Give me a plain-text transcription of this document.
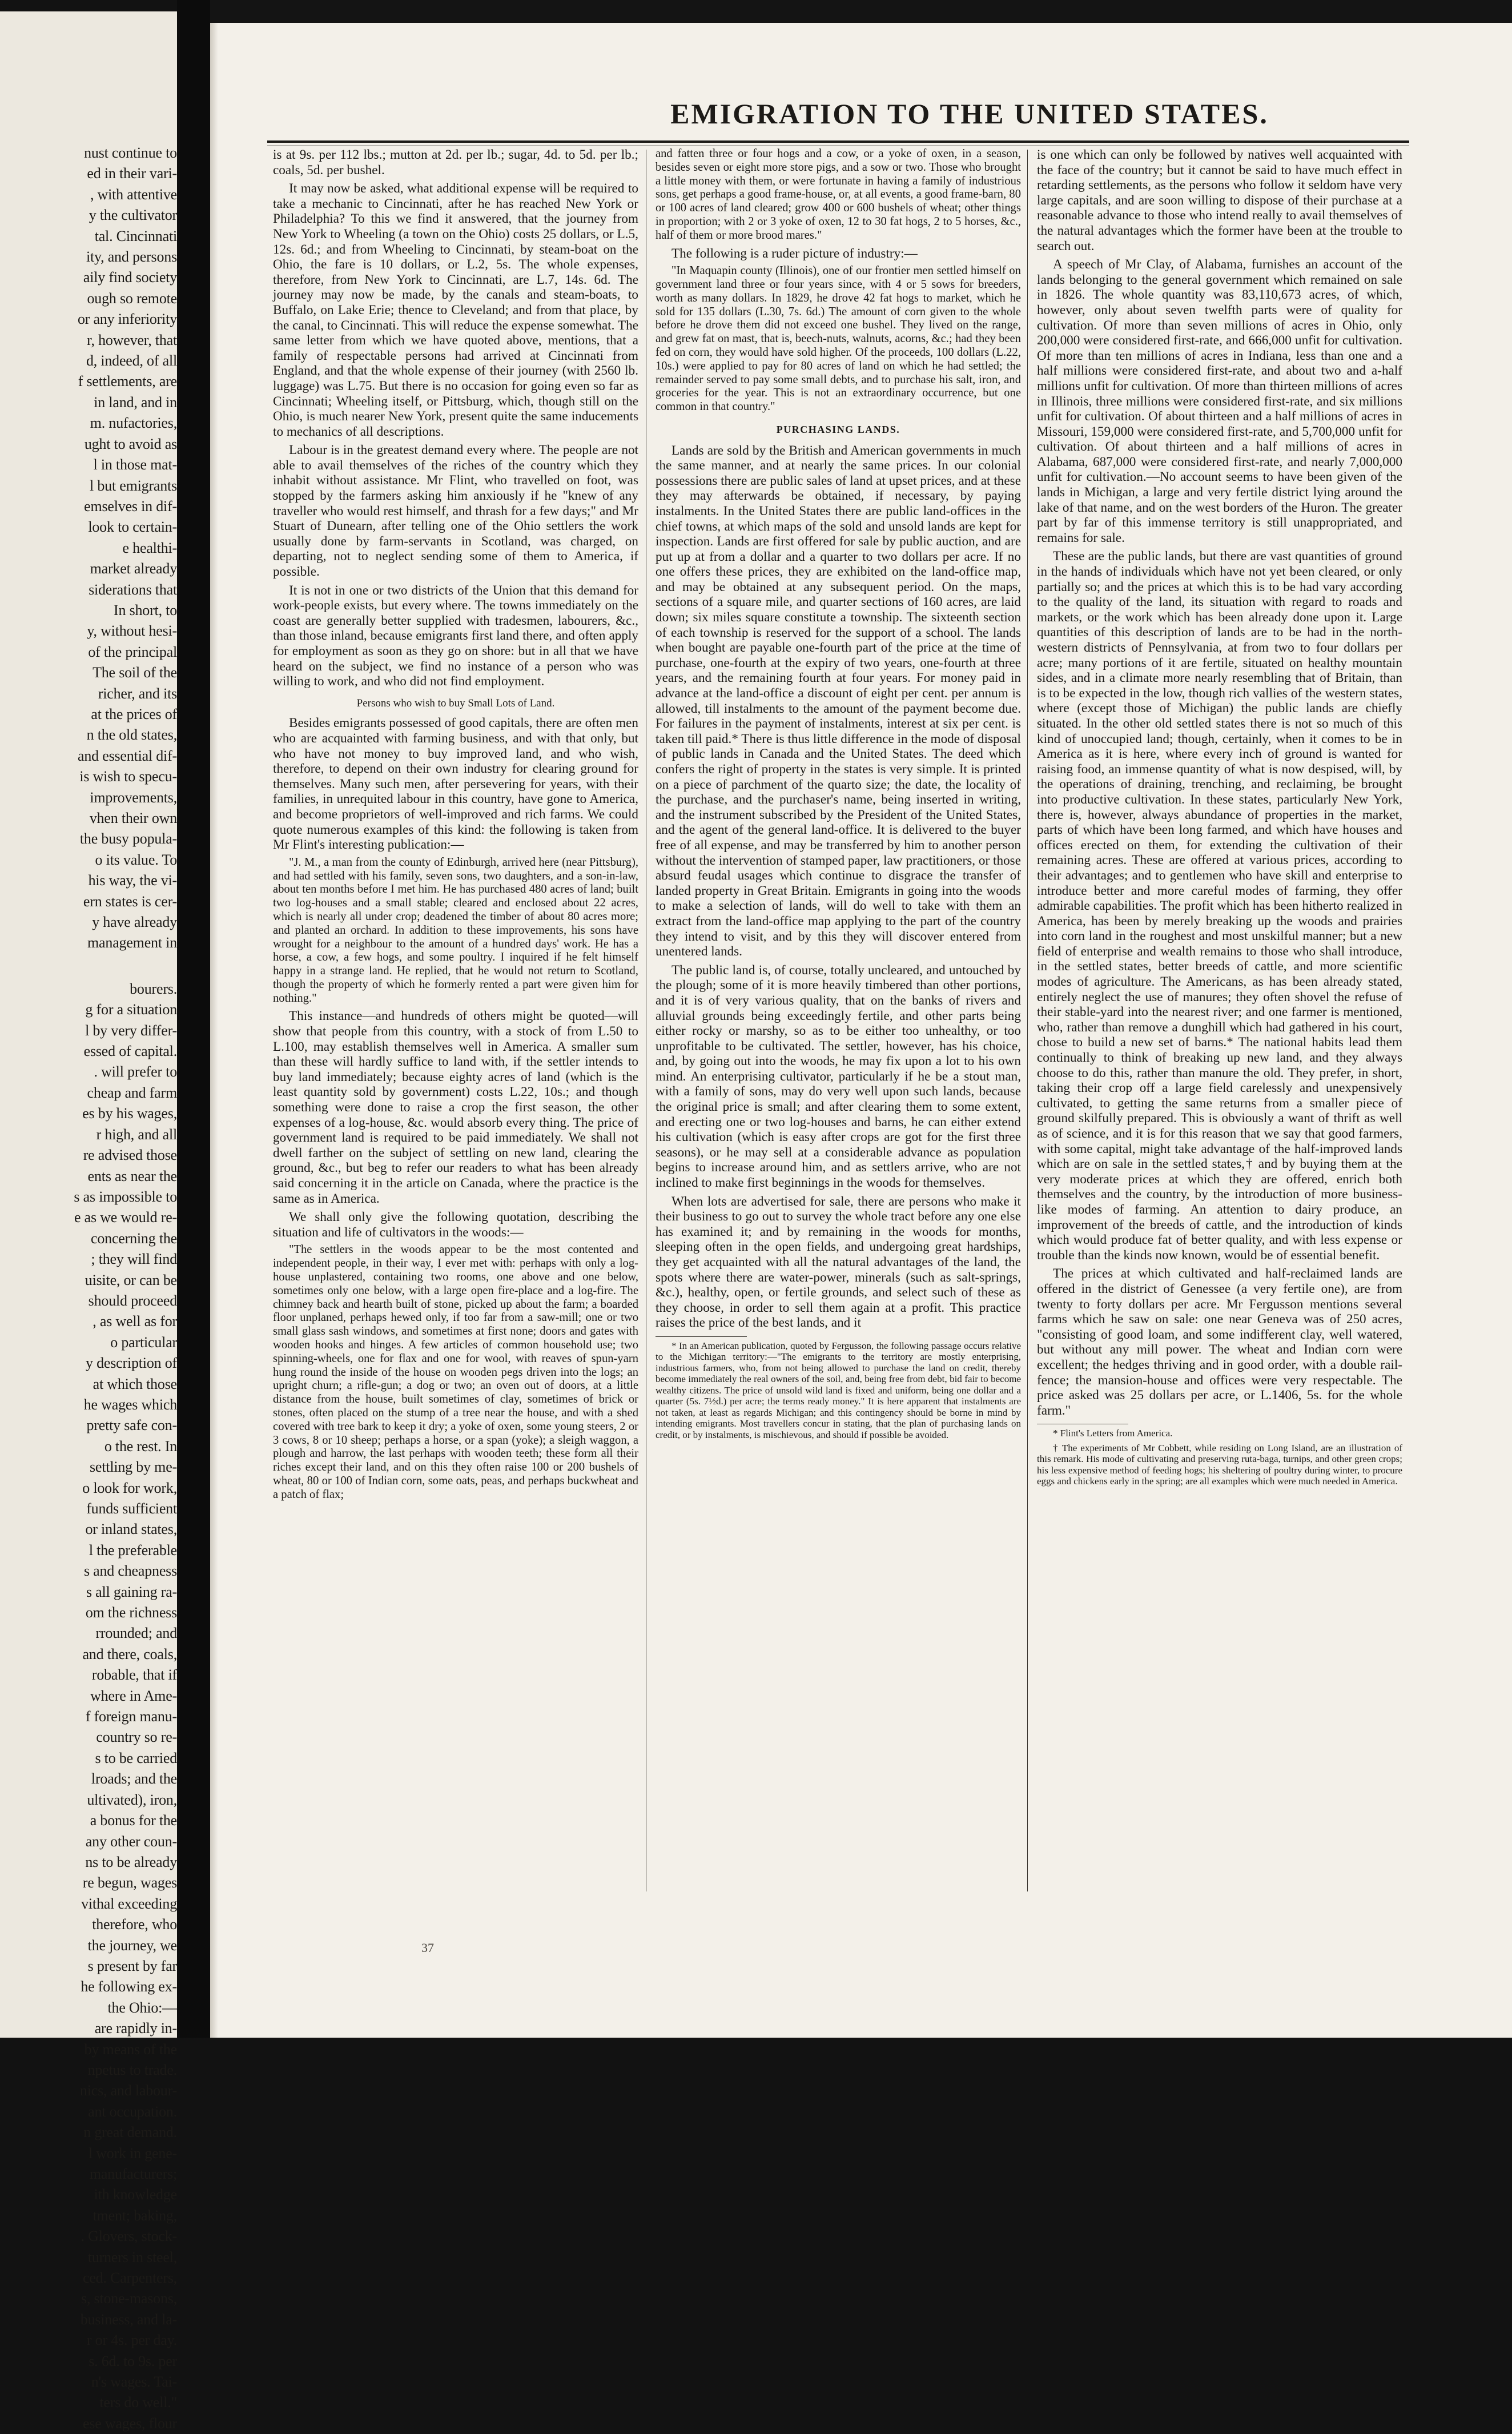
nust continue to

ed in their vari-

, with attentive

y the cultivator

tal. Cincinnati

ity, and persons

aily find society

ough so remote

or any inferiority

r, however, that

d, indeed, of all

f settlements, are

in land, and in

m. nufactories,

ught to avoid as

l in those mat-

l but emigrants

emselves in dif-

look to certain-

e healthi-

market already

siderations that

In short, to

y, without hesi-

of the principal

The soil of the

richer, and its

at the prices of

n the old states,

and essential dif-

is wish to specu-

improvements,

vhen their own

the busy popula-

o its value. To

his way, the vi-

ern states is cer-

y have already

management in

bourers.

g for a situation

l by very differ-

essed of capital.

. will prefer to

cheap and farm

es by his wages,

r high, and all

re advised those

ents as near the

s as impossible to

e as we would re-

concerning the

; they will find

uisite, or can be

should proceed

, as well as for

o particular

y description of

at which those

he wages which

pretty safe con-

o the rest. In

settling by me-

o look for work,

funds sufficient

or inland states,

l the preferable

s and cheapness

s all gaining ra-

om the richness

rrounded; and

and there, coals,

robable, that if

where in Ame-

f foreign manu-

country so re-

s to be carried

lroads; and the

ultivated), iron,

a bonus for the

any other coun-

ns to be already

re begun, wages

vithal exceeding

therefore, who

the journey, we

s present by far

he following ex-

the Ohio:—

are rapidly in-

by means of the

npetus to trade.

nics, and labour-

ant occupation.

n great demand.

l work in gene-

manufacturers;

ith knowledge

tment; baking,

. Glovers, stock-

turners in steel,

ced. Carpenters,

s, stone-masons,

business, and la-

r or 4s. per day.

s. 6d. to 9s. per

n's wages. Tai-

ters do well."

ese wages, flour

EMIGRATION TO THE UNITED STATES.

is at 9s. per 112 lbs.; mutton at 2d. per lb.; sugar, 4d. to 5d. per lb.; coals, 5d. per bushel.

It may now be asked, what additional expense will be required to take a mechanic to Cincinnati, after he has reached New York or Philadelphia? To this we find it answered, that the journey from New York to Wheeling (a town on the Ohio) costs 25 dollars, or L.5, 12s. 6d.; and from Wheeling to Cincinnati, by steam-boat on the Ohio, the fare is 10 dollars, or L.2, 5s. The whole expenses, therefore, from New York to Cincinnati, are L.7, 14s. 6d. The journey may now be made, by the canals and steam-boats, to Buffalo, on Lake Erie; thence to Cleveland; and from that place, by the canal, to Cincinnati. This will reduce the expense somewhat. The same letter from which we have quoted above, mentions, that a family of respectable persons had arrived at Cincinnati from England, and that the whole expense of their journey (with 2560 lb. luggage) was L.75. But there is no occasion for going even so far as Cincinnati; Wheeling itself, or Pittsburg, which, though still on the Ohio, is much nearer New York, present quite the same inducements to mechanics of all descriptions.

Labour is in the greatest demand every where. The people are not able to avail themselves of the riches of the country which they inhabit without assistance. Mr Flint, who travelled on foot, was stopped by the farmers asking him anxiously if he "knew of any traveller who would rest himself, and thrash for a few days;" and Mr Stuart of Dunearn, after telling one of the Ohio settlers the work usually done by farm-servants in Scotland, was charged, on departing, not to neglect sending some of them to America, if possible.

It is not in one or two districts of the Union that this demand for work-people exists, but every where. The towns immediately on the coast are generally better supplied with tradesmen, labourers, &c., than those inland, because emigrants first land there, and often apply for employment as soon as they go on shore: but in all that we have heard on the subject, we find no instance of a person who was willing to work, and who did not find employment.

Persons who wish to buy Small Lots of Land.

Besides emigrants possessed of good capitals, there are often men who are acquainted with farming business, and with that only, but who have not money to buy improved land, and who wish, therefore, to depend on their own industry for clearing ground for themselves. Many such men, after persevering for years, with their families, in unrequited labour in this country, have gone to America, and become proprietors of well-improved and rich farms. We could quote numerous examples of this kind: the following is taken from Mr Flint's interesting publication:—

"J. M., a man from the county of Edinburgh, arrived here (near Pittsburg), and had settled with his family, seven sons, two daughters, and a son-in-law, about ten months before I met him. He has purchased 480 acres of land; built two log-houses and a small stable; cleared and enclosed about 22 acres, which is nearly all under crop; deadened the timber of about 80 acres more; and planted an orchard. In addition to these improvements, his sons have wrought for a neighbour to the amount of a hundred days' work. He has a horse, a cow, a few hogs, and some poultry. I inquired if he felt himself happy in a strange land. He replied, that he would not return to Scotland, though the property of which he formerly rented a part were given him for nothing."

This instance—and hundreds of others might be quoted—will show that people from this country, with a stock of from L.50 to L.100, may establish themselves well in America. A smaller sum than these will hardly suffice to land with, if the settler intends to buy land immediately; because eighty acres of land (which is the least quantity sold by government) costs L.22, 10s.; and though something were done to raise a crop the first season, the other expenses of a log-house, &c. would absorb every thing. The price of government land is required to be paid immediately. We shall not dwell farther on the subject of settling on new land, clearing the ground, &c., but beg to refer our readers to what has been already said concerning it in the article on Canada, where the practice is the same as in America.

We shall only give the following quotation, describing the situation and life of cultivators in the woods:—

"The settlers in the woods appear to be the most contented and independent people, in their way, I ever met with: perhaps with only a log-house unplastered, containing two rooms, one above and one below, sometimes only one below, with a large open fire-place and a log-fire. The chimney back and hearth built of stone, picked up about the farm; a boarded floor unplaned, perhaps hewed only, if too far from a saw-mill; one or two small glass sash windows, and sometimes at first none; doors and gates with wooden hooks and hinges. A few articles of common household use; two spinning-wheels, one for flax and one for wool, with reaves of spun-yarn hung round the inside of the house on wooden pegs driven into the logs; an upright churn; a rifle-gun; a dog or two; an oven out of doors, at a little distance from the house, built sometimes of clay, sometimes of brick or stones, often placed on the stump of a tree near the house, and with a shed covered with tree bark to keep it dry; a yoke of oxen, some young steers, 2 or 3 cows, 8 or 10 sheep; perhaps a horse, or a span (yoke); a sleigh waggon, a plough and harrow, the last perhaps with wooden teeth; these form all their riches except their land, and on this they often raise 100 or 200 bushels of wheat, 80 or 100 of Indian corn, some oats, peas, and perhaps buckwheat and a patch of flax;

and fatten three or four hogs and a cow, or a yoke of oxen, in a season, besides seven or eight more store pigs, and a sow or two. Those who brought a little money with them, or were fortunate in having a family of industrious sons, get perhaps a good frame-house, or, at all events, a good frame-barn, 80 or 100 acres of land cleared; grow 400 or 600 bushels of wheat; other things in proportion; with 2 or 3 yoke of oxen, 12 to 30 fat hogs, 2 to 5 horses, &c., half of them or more brood mares."

The following is a ruder picture of industry:—

"In Maquapin county (Illinois), one of our frontier men settled himself on government land three or four years since, with 4 or 5 sows for breeders, worth as many dollars. In 1829, he drove 42 fat hogs to market, which he sold for 135 dollars (L.30, 7s. 6d.) The amount of corn given to the whole before he drove them did not exceed one bushel. They lived on the range, and grew fat on mast, that is, beech-nuts, walnuts, acorns, &c.; had they been fed on corn, they would have sold higher. Of the proceeds, 100 dollars (L.22, 10s.) were applied to pay for 80 acres of land on which he had settled; the remainder served to pay some small debts, and to purchase his salt, iron, and groceries for the year. This is not an extraordinary occurrence, but one common in that country."

PURCHASING LANDS.

Lands are sold by the British and American governments in much the same manner, and at nearly the same prices. In our colonial possessions there are public sales of land at upset prices, and at these they may afterwards be obtained, if necessary, by paying instalments. In the United States there are public land-offices in the chief towns, at which maps of the sold and unsold lands are kept for inspection. Lands are first offered for sale by public auction, and are put up at from a dollar and a quarter to two dollars per acre. If no one offers these prices, they are exhibited on the land-office map, and may be obtained at any subsequent period. On the maps, sections of a square mile, and quarter sections of 160 acres, are laid down; six miles square constitute a township. The sixteenth section of each township is reserved for the support of a school. The lands when bought are payable one-fourth part of the price at the time of purchase, one-fourth at the expiry of two years, one-fourth at three years, and the remaining fourth at four years. For money paid in advance at the land-office a discount of eight per cent. per annum is allowed, till instalments to the amount of the payment become due. For failures in the payment of instalments, interest at six per cent. is taken till paid.* There is thus little difference in the mode of disposal of public lands in Canada and the United States. The deed which confers the right of property in the states is very simple. It is printed on a piece of parchment of the quarto size; the date, the locality of the purchase, and the purchaser's name, being inserted in writing, and the instrument subscribed by the President of the United States, and the agent of the general land-office. It is delivered to the buyer free of all expense, and may be transferred by him to another person without the intervention of stamped paper, law practitioners, or those absurd feudal usages which continue to disgrace the transfer of landed property in Great Britain. Emigrants in going into the woods to make a selection of lands, will do well to take with them an extract from the land-office map applying to the part of the country they intend to visit, and by this they will discover entered from unentered lands.

The public land is, of course, totally uncleared, and untouched by the plough; some of it is more heavily timbered than other portions, and it is of very various quality, that on the banks of rivers and alluvial grounds being exceedingly fertile, and other parts being either rocky or marshy, so as to be either too unhealthy, or too unprofitable to be cultivated. The settler, however, has his choice, and, by going out into the woods, he may fix upon a lot to his own mind. An enterprising cultivator, particularly if he be a stout man, with a family of sons, may do very well upon such lands, because the original price is small; and after clearing them to some extent, and erecting one or two log-houses and barns, he can either extend his cultivation (which is easy after crops are got for the first three seasons), or he may sell at a considerable advance as population begins to increase around him, and as settlers arrive, who are not inclined to make first beginnings in the woods for themselves.

When lots are advertised for sale, there are persons who make it their business to go out to survey the whole tract before any one else has examined it; and by remaining in the woods for months, sleeping often in the open fields, and undergoing great hardships, they get acquainted with all the natural advantages of the land, the spots where there are water-power, minerals (such as salt-springs, &c.), healthy, open, or fertile grounds, and select such of these as they choose, in order to sell them again at a profit. This practice raises the price of the best lands, and it

* In an American publication, quoted by Fergusson, the following passage occurs relative to the Michigan territory:—"The emigrants to the territory are mostly enterprising, industrious farmers, who, from not being allowed to purchase the land on credit, thereby become immediately the real owners of the soil, and, being free from debt, bid fair to become wealthy citizens. The price of unsold wild land is fixed and uniform, being one dollar and a quarter (5s. 7½d.) per acre; the terms ready money." It is here apparent that instalments are not taken, at least as regards Michigan; and this contingency should be borne in mind by intending emigrants. Most travellers concur in stating, that the plan of purchasing lands on credit, or by instalments, is mischievous, and should if possible be avoided.

is one which can only be followed by natives well acquainted with the face of the country; but it cannot be said to have much effect in retarding settlements, as the persons who follow it seldom have very large capitals, and are soon willing to dispose of their purchase at a reasonable advance to those who intend really to avail themselves of the natural advantages which the former have been at the trouble to search out.

A speech of Mr Clay, of Alabama, furnishes an account of the lands belonging to the general government which remained on sale in 1826. The whole quantity was 83,110,673 acres, of which, however, only about seven twelfth parts were of quality for cultivation. Of more than seven millions of acres in Ohio, only 200,000 were considered first-rate, and 666,000 unfit for cultivation. Of more than ten millions of acres in Indiana, less than one and a half millions were considered first-rate, and about two and a-half millions unfit for cultivation. Of more than thirteen millions of acres in Illinois, three millions were considered first-rate, and six millions unfit for cultivation. Of about thirteen and a half millions of acres in Missouri, 159,000 were considered first-rate, and 5,700,000 unfit for cultivation. Of about thirteen and a half millions of acres in Alabama, 687,000 were considered first-rate, and nearly 7,000,000 unfit for cultivation.—No account seems to have been given of the lands in Michigan, a large and very fertile district lying around the lake of that name, and on the west borders of the Huron. The greater part by far of this immense territory is still unappropriated, and remains for sale.

These are the public lands, but there are vast quantities of ground in the hands of individuals which have not yet been cleared, or only partially so; and the prices at which this is to be had vary according to the quality of the land, its situation with regard to roads and markets, or the work which has been already done upon it. Large quantities of this description of lands are to be had in the north-western districts of Pennsylvania, at from two to four dollars per acre; many portions of it are fertile, situated on healthy mountain sides, and in a climate more nearly resembling that of Britain, than is to be expected in the low, though rich vallies of the western states, where (except those of Michigan) the public lands are chiefly situated. In the other old settled states there is not so much of this kind of unoccupied land; though, certainly, when it comes to be in America as it is here, where every inch of ground is wanted for raising food, an immense quantity of what is now despised, will, by the operations of draining, trenching, and reclaiming, be brought into productive cultivation. In these states, particularly New York, there is, however, always abundance of properties in the market, parts of which have been long farmed, and which have houses and offices erected on them, for extending the cultivation of their remaining acres. These are offered at various prices, according to their advantages; and to gentlemen who have skill and enterprise to introduce better and more careful modes of farming, they offer admirable capabilities. The profit which has been hitherto realized in America, has been by merely breaking up the woods and prairies into corn land in the roughest and most unskilful manner; but a new field of enterprise and wealth remains to those who shall introduce, in the settled states, better breeds of cattle, and more scientific modes of agriculture. The Americans, as has been already stated, entirely neglect the use of manures; they often shovel the refuse of their stable-yard into the nearest river; and one farmer is mentioned, who, rather than remove a dunghill which had gathered in his court, chose to build a new set of barns.* The national habits lead them continually to think of breaking up new land, and they always choose to do this, rather than manure the old. They prefer, in short, taking their crop off a large field carelessly and unexpensively cultivated, to getting the same returns from a smaller piece of ground skilfully prepared. This is obviously a want of thrift as well as of science, and it is for this reason that we say that good farmers, with some capital, might take advantage of the half-improved lands which are on sale in the settled states,† and by buying them at the very moderate prices at which they are offered, enrich both themselves and the country, by the introduction of more business-like modes of farming. An attention to dairy produce, an improvement of the breeds of cattle, and the introduction of kinds which would produce fat of better quality, and with less expense or trouble than the kinds now known, would be of essential benefit.

The prices at which cultivated and half-reclaimed lands are offered in the district of Genessee (a very fertile one), are from twenty to forty dollars per acre. Mr Fergusson mentions several farms which he saw on sale: one near Geneva was of 250 acres, "consisting of good loam, and some indifferent clay, well watered, but without any mill power. The wheat and Indian corn were excellent; the hedges thriving and in good order, with a double rail-fence; the mansion-house and offices were very respectable. The price asked was 25 dollars per acre, or L.1406, 5s. for the whole farm."

* Flint's Letters from America.

† The experiments of Mr Cobbett, while residing on Long Island, are an illustration of this remark. His mode of cultivating and preserving ruta-baga, turnips, and other green crops; his less expensive method of feeding hogs; his sheltering of poultry during winter, to procure eggs and chickens early in the spring; are all examples which were much needed in America.

37
